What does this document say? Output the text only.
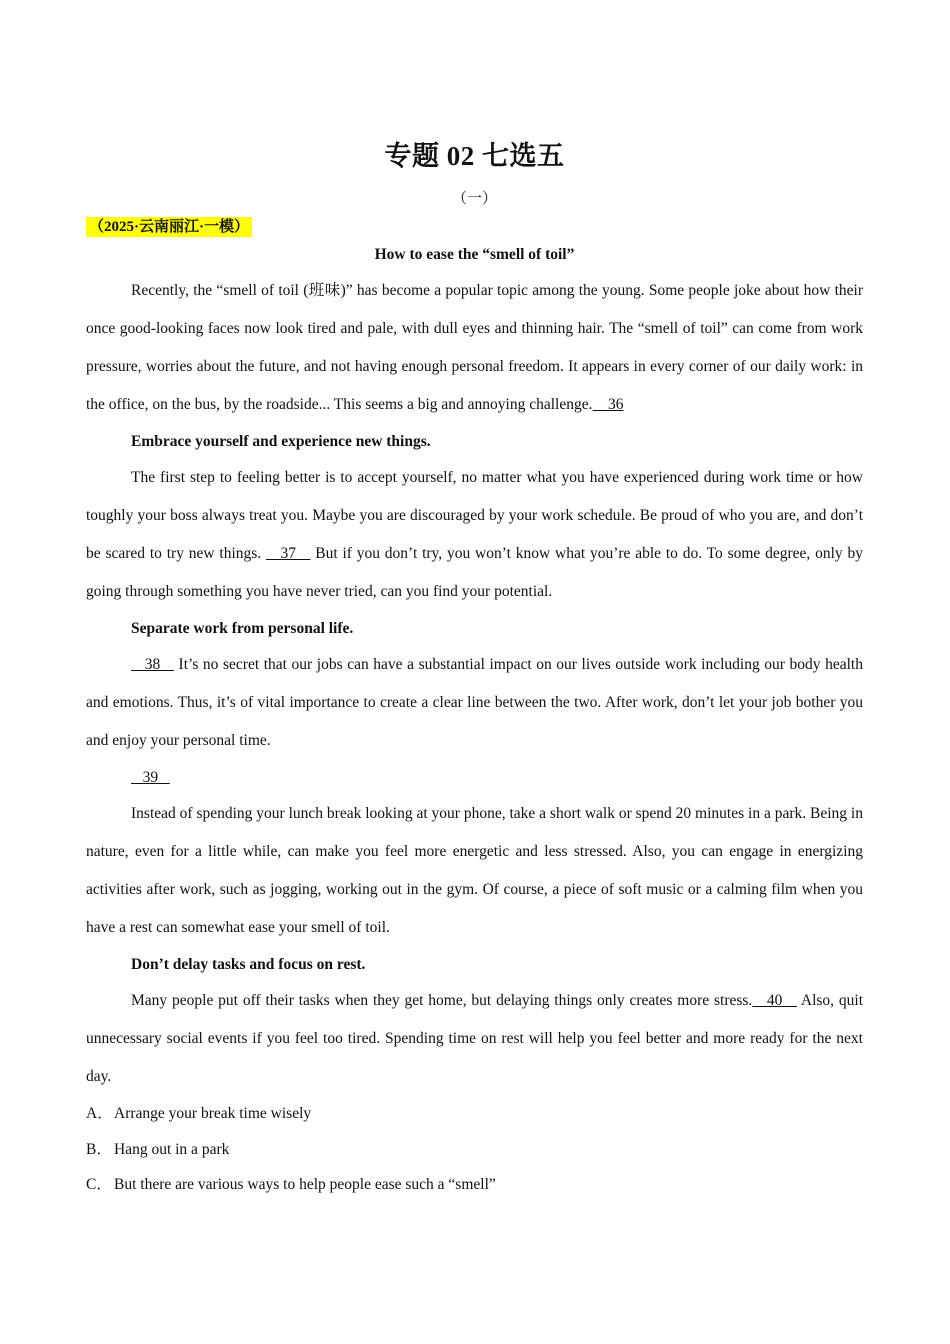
专题 02 七选五
（一）
（2025·云南丽江·一模）
How to ease the “smell of toil”

Recently, the “smell of toil (班味)” has become a popular topic among the young. Some people joke about how their once good-looking faces now look tired and pale, with dull eyes and thinning hair. The “smell of toil” can come from work pressure, worries about the future, and not having enough personal freedom. It appears in every corner of our daily work: in the office, on the bus, by the roadside... This seems a big and annoying challenge.    36

Embrace yourself and experience new things.

The first step to feeling better is to accept yourself, no matter what you have experienced during work time or how toughly your boss always treat you. Maybe you are discouraged by your work schedule. Be proud of who you are, and don’t be scared to try new things.    37    But if you don’t try, you won’t know what you’re able to do. To some degree, only by going through something you have never tried, can you find your potential.

Separate work from personal life.

38    It’s no secret that our jobs can have a substantial impact on our lives outside work including our body health and emotions. Thus, it’s of vital importance to create a clear line between the two. After work, don’t let your job bother you and enjoy your personal time.

39

Instead of spending your lunch break looking at your phone, take a short walk or spend 20 minutes in a park. Being in nature, even for a little while, can make you feel more energetic and less stressed. Also, you can engage in energizing activities after work, such as jogging, working out in the gym. Of course, a piece of soft music or a calming film when you have a rest can somewhat ease your smell of toil.

Don’t delay tasks and focus on rest.

Many people put off their tasks when they get home, but delaying things only creates more stress.   40    Also, quit unnecessary social events if you feel too tired. Spending time on rest will help you feel better and more ready for the next day.

A．Arrange your break time wisely

B． Hang out in a park

C． But there are various ways to help people ease such a “smell”
